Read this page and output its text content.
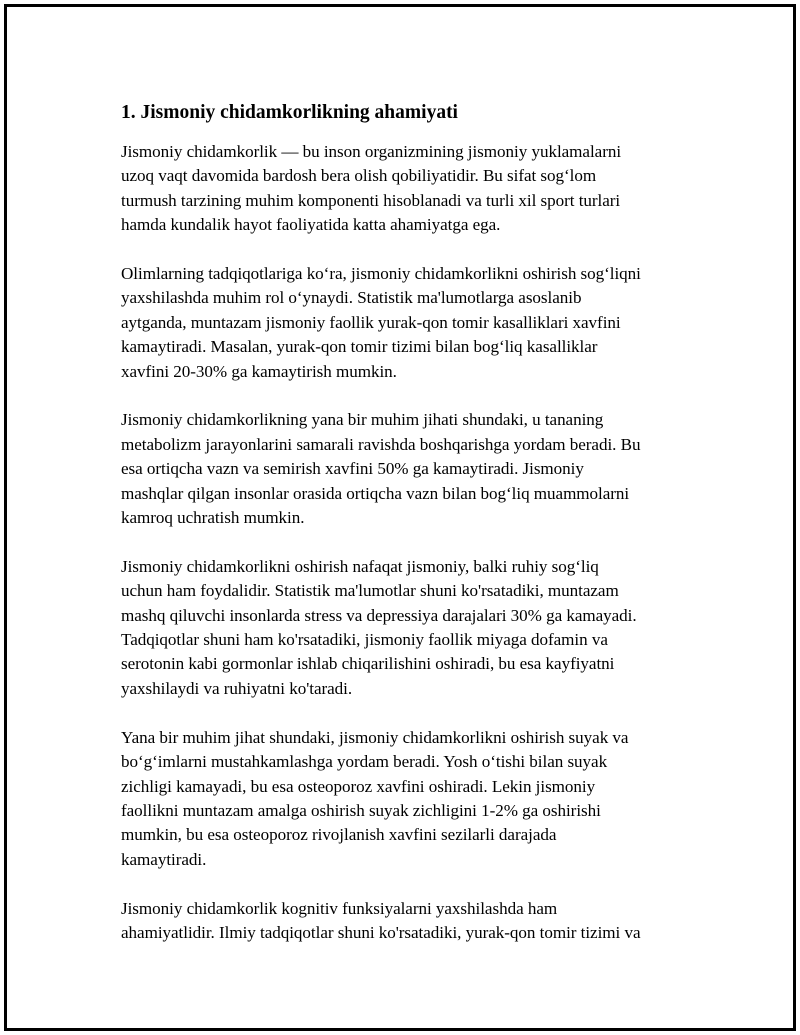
1. Jismoniy chidamkorlikning ahamiyati

Jismoniy chidamkorlik — bu inson organizmining jismoniy yuklamalarni
uzoq vaqt davomida bardosh bera olish qobiliyatidir. Bu sifat sog‘lom
turmush tarzining muhim komponenti hisoblanadi va turli xil sport turlari
hamda kundalik hayot faoliyatida katta ahamiyatga ega.

Olimlarning tadqiqotlariga ko‘ra, jismoniy chidamkorlikni oshirish sog‘liqni
yaxshilashda muhim rol o‘ynaydi. Statistik ma'lumotlarga asoslanib
aytganda, muntazam jismoniy faollik yurak-qon tomir kasalliklari xavfini
kamaytiradi. Masalan, yurak-qon tomir tizimi bilan bog‘liq kasalliklar
xavfini 20-30% ga kamaytirish mumkin.

Jismoniy chidamkorlikning yana bir muhim jihati shundaki, u tananing
metabolizm jarayonlarini samarali ravishda boshqarishga yordam beradi. Bu
esa ortiqcha vazn va semirish xavfini 50% ga kamaytiradi. Jismoniy
mashqlar qilgan insonlar orasida ortiqcha vazn bilan bog‘liq muammolarni
kamroq uchratish mumkin.

Jismoniy chidamkorlikni oshirish nafaqat jismoniy, balki ruhiy sog‘liq
uchun ham foydalidir. Statistik ma'lumotlar shuni ko'rsatadiki, muntazam
mashq qiluvchi insonlarda stress va depressiya darajalari 30% ga kamayadi.
Tadqiqotlar shuni ham ko'rsatadiki, jismoniy faollik miyaga dofamin va
serotonin kabi gormonlar ishlab chiqarilishini oshiradi, bu esa kayfiyatni
yaxshilaydi va ruhiyatni ko'taradi.

Yana bir muhim jihat shundaki, jismoniy chidamkorlikni oshirish suyak va
bo‘g‘imlarni mustahkamlashga yordam beradi. Yosh o‘tishi bilan suyak
zichligi kamayadi, bu esa osteoporoz xavfini oshiradi. Lekin jismoniy
faollikni muntazam amalga oshirish suyak zichligini 1-2% ga oshirishi
mumkin, bu esa osteoporoz rivojlanish xavfini sezilarli darajada
kamaytiradi.

Jismoniy chidamkorlik kognitiv funksiyalarni yaxshilashda ham
ahamiyatlidir. Ilmiy tadqiqotlar shuni ko'rsatadiki, yurak-qon tomir tizimi va
